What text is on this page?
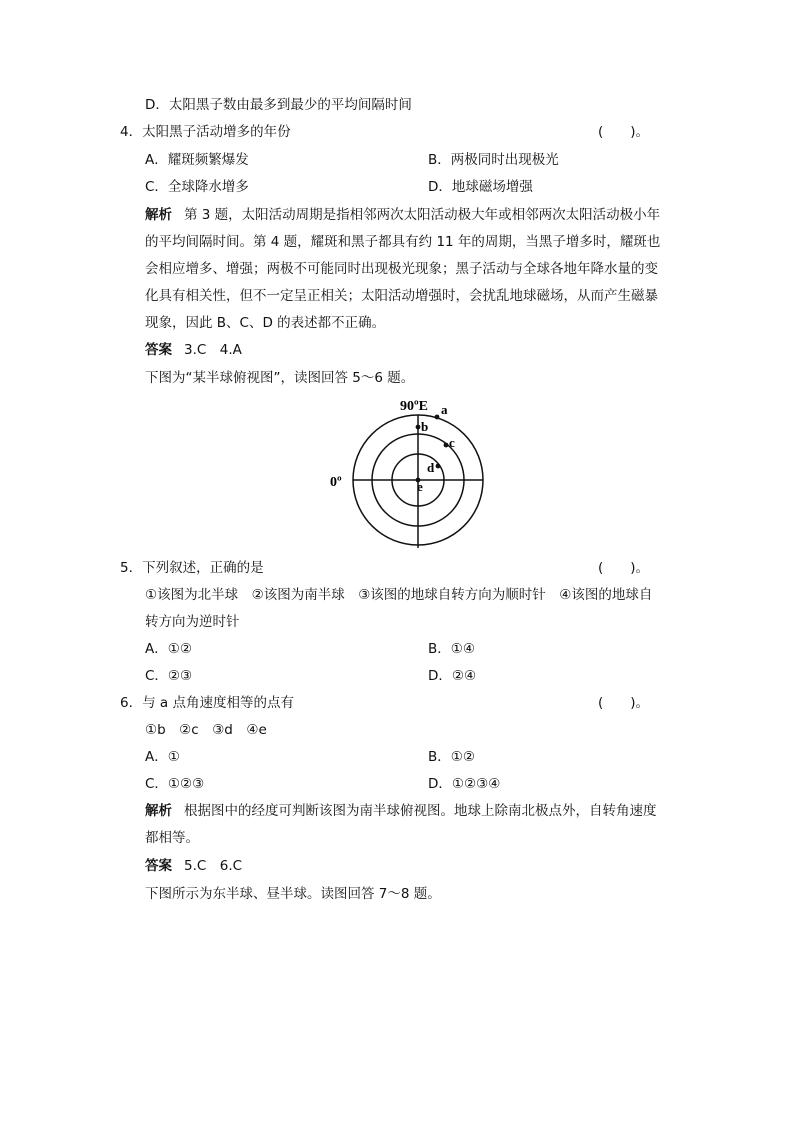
D．太阳黑子数由最多到最少的平均间隔时间
4．太阳黑子活动增多的年份	(　　)。
A．耀斑频繁爆发	B．两极同时出现极光
C．全球降水增多	D．地球磁场增强
解析 第 3 题，太阳活动周期是指相邻两次太阳活动极大年或相邻两次太阳活动极小年
的平均间隔时间。第 4 题，耀斑和黑子都具有约 11 年的周期，当黑子增多时，耀斑也
会相应增多、增强；两极不可能同时出现极光现象；黑子活动与全球各地年降水量的变
化具有相关性，但不一定呈正相关；太阳活动增强时，会扰乱地球磁场，从而产生磁暴
现象，因此 B、C、D 的表述都不正确。
答案 3.C　4.A
下图为“某半球俯视图”，读图回答 5～6 题。
90ºE
0º
a
b
c
d
e
5．下列叙述，正确的是	(　　)。
①该图为北半球　②该图为南半球　③该图的地球自转方向为顺时针　④该图的地球自
转方向为逆时针
A．①②	B．①④
C．②③	D．②④
6．与 a 点角速度相等的点有	(　　)。
①b　②c　③d　④e
A．①	B．①②
C．①②③	D．①②③④
解析 根据图中的经度可判断该图为南半球俯视图。地球上除南北极点外，自转角速度
都相等。
答案 5.C　6.C
下图所示为东半球、昼半球。读图回答 7～8 题。
